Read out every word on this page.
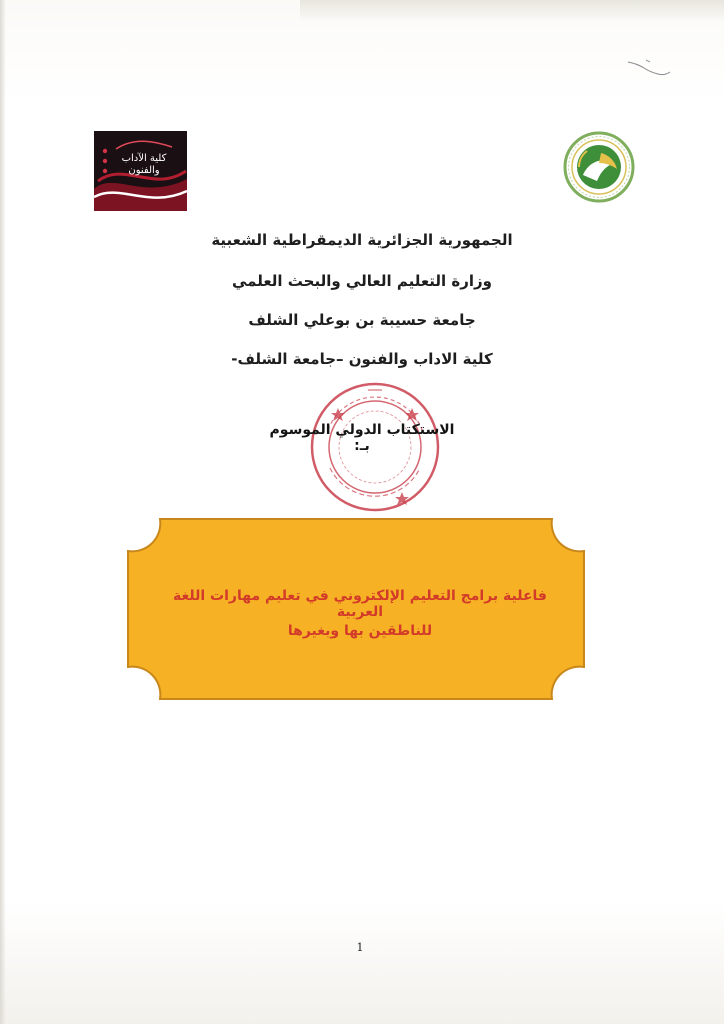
كلية الآداب
والفنون
الجمهورية الجزائرية الديمقراطية الشعبية
وزارة التعليم العالي والبحث العلمي
جامعة حسيبة بن بوعلي الشلف
كلية الاداب والفنون –جامعة الشلف-
الاستكتاب الدولي الموسوم بـ:
فاعلية برامج التعليم الإلكتروني في تعليم مهارات اللغة العربية
للناطقين بها وبغيرها
1
